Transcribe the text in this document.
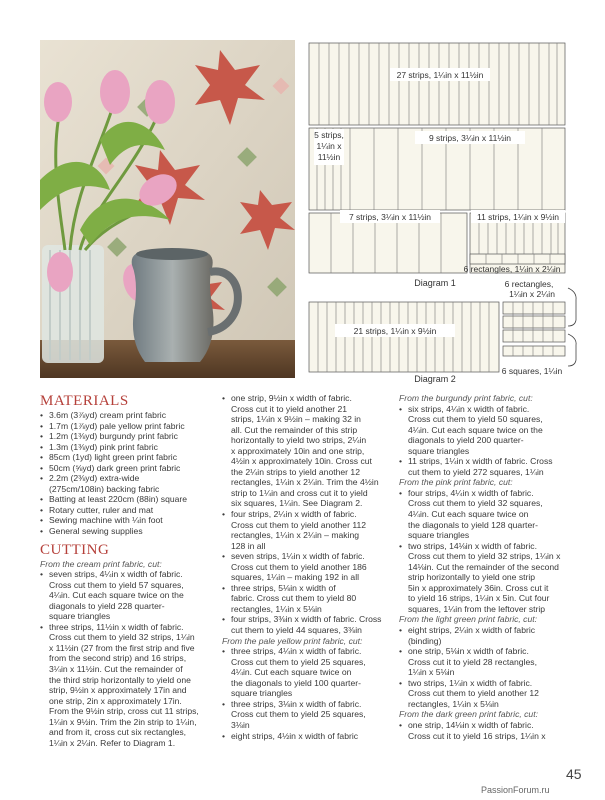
27 strips, 1¼in x 11½in
5 strips,
1¼in x
11½in
9 strips, 3¼in x 11½in
7 strips, 3¼in x 11½in	11 strips, 1¼in x 9½in
6 rectangles, 1¼in x 2¼in
Diagram 1	6 rectangles,
1¼in x 2¼in
21 strips, 1¼in x 9½in
6 squares, 1¼in
Diagram 2
MATERIALS
• 3.6m (3⅞yd) cream print fabric
• 1.7m (1⅞yd) pale yellow print fabric
• 1.2m (1⅜yd) burgundy print fabric
• 1.3m (1⅜yd) pink print fabric
• 85cm (1yd) light green print fabric
• 50cm (⅝yd) dark green print fabric
• 2.2m (2⅜yd) extra-wide
(275cm/108in) backing fabric
• Batting at least 220cm (88in) square
• Rotary cutter, ruler and mat
• Sewing machine with ¼in foot
• General sewing supplies
CUTTING
From the cream print fabric, cut:
• seven strips, 4¼in x width of fabric.
Cross cut them to yield 57 squares,
4¼in. Cut each square twice on the
diagonals to yield 228 quarter-
square triangles
• three strips, 11½in x width of fabric.
Cross cut them to yield 32 strips, 1¼in
x 11½in (27 from the first strip and five
from the second strip) and 16 strips,
3¼in x 11½in. Cut the remainder of
the third strip horizontally to yield one
strip, 9½in x approximately 17in and
one strip, 2in x approximately 17in.
From the 9½in strip, cross cut 11 strips,
1¼in x 9½in. Trim the 2in strip to 1¼in,
and from it, cross cut six rectangles,
1¼in x 2¼in. Refer to Diagram 1.
• one strip, 9½in x width of fabric.
Cross cut it to yield another 21
strips, 1¼in x 9½in – making 32 in
all. Cut the remainder of this strip
horizontally to yield two strips, 2¼in
x approximately 10in and one strip,
4½in x approximately 10in. Cross cut
the 2¼in strips to yield another 12
rectangles, 1¼in x 2¼in. Trim the 4½in
strip to 1¼in and cross cut it to yield
six squares, 1¼in. See Diagram 2.
• four strips, 2¼in x width of fabric.
Cross cut them to yield another 112
rectangles, 1¼in x 2¼in – making
128 in all
• seven strips, 1¼in x width of fabric.
Cross cut them to yield another 186
squares, 1¼in – making 192 in all
• three strips, 5⅛in x width of
fabric. Cross cut them to yield 80
rectangles, 1¼in x 5⅛in
• four strips, 3⅜in x width of fabric. Cross
cut them to yield 44 squares, 3⅜in
From the pale yellow print fabric, cut:
• three strips, 4¼in x width of fabric.
Cross cut them to yield 25 squares,
4¼in. Cut each square twice on
the diagonals to yield 100 quarter-
square triangles
• three strips, 3⅛in x width of fabric.
Cross cut them to yield 25 squares,
3⅛in
• eight strips, 4½in x width of fabric
From the burgundy print fabric, cut:
• six strips, 4¼in x width of fabric.
Cross cut them to yield 50 squares,
4¼in. Cut each square twice on the
diagonals to yield 200 quarter-
square triangles
• 11 strips, 1¼in x width of fabric. Cross
cut them to yield 272 squares, 1¼in
From the pink print fabric, cut:
• four strips, 4¼in x width of fabric.
Cross cut them to yield 32 squares,
4¼in. Cut each square twice on
the diagonals to yield 128 quarter-
square triangles
• two strips, 14⅛in x width of fabric.
Cross cut them to yield 32 strips, 1¼in x
14⅛in. Cut the remainder of the second
strip horizontally to yield one strip
5in x approximately 36in. Cross cut it
to yield 16 strips, 1¼in x 5in. Cut four
squares, 1¼in from the leftover strip
From the light green print fabric, cut:
• eight strips, 2¼in x width of fabric
(binding)
• one strip, 5⅛in x width of fabric.
Cross cut it to yield 28 rectangles,
1¼in x 5⅛in
• two strips, 1¼in x width of fabric.
Cross cut them to yield another 12
rectangles, 1¼in x 5⅛in
From the dark green print fabric, cut:
• one strip, 14⅛in x width of fabric.
Cross cut it to yield 16 strips, 1¼in x
45
PassionForum.ru
